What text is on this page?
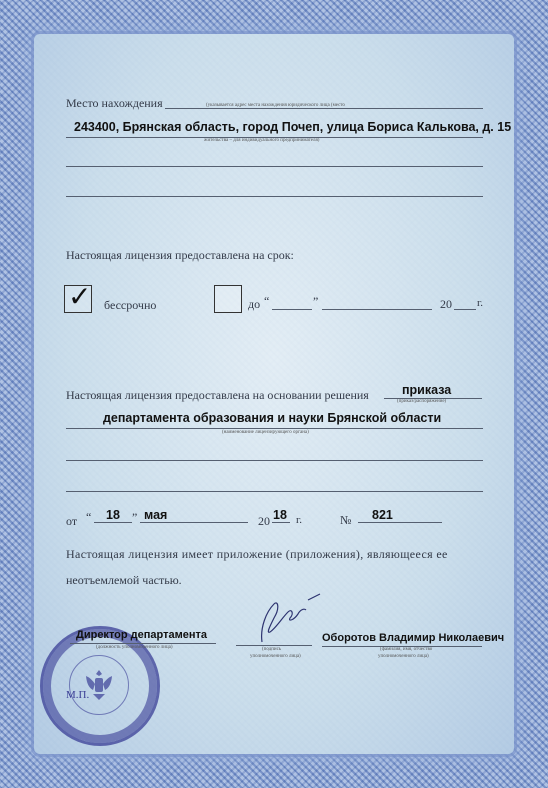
Место нахождения	(указывается адрес места нахождения юридического лица (место
243400, Брянская область, город Почеп, улица Бориса Калькова, д. 15
жительства – для индивидуального предпринимателя)
Настоящая лицензия предоставлена на срок:
✓ бессрочно	до “	”	20 г.
Настоящая лицензия предоставлена на основании решения	приказа
(приказ/распоряжение)
департамента образования и науки Брянской области
(наименование лицензирующего органа)
от “ 18 ” мая	20 18 г.	№ 821
Настоящая лицензия имеет приложение (приложения), являющееся ее
неотъемлемой частью.
Директор департамента
(должность уполномоченного лица)	(подпись
уполномоченного лица)
Оборотов Владимир Николаевич
(фамилия, имя, отчество
уполномоченного лица)
М.П.
